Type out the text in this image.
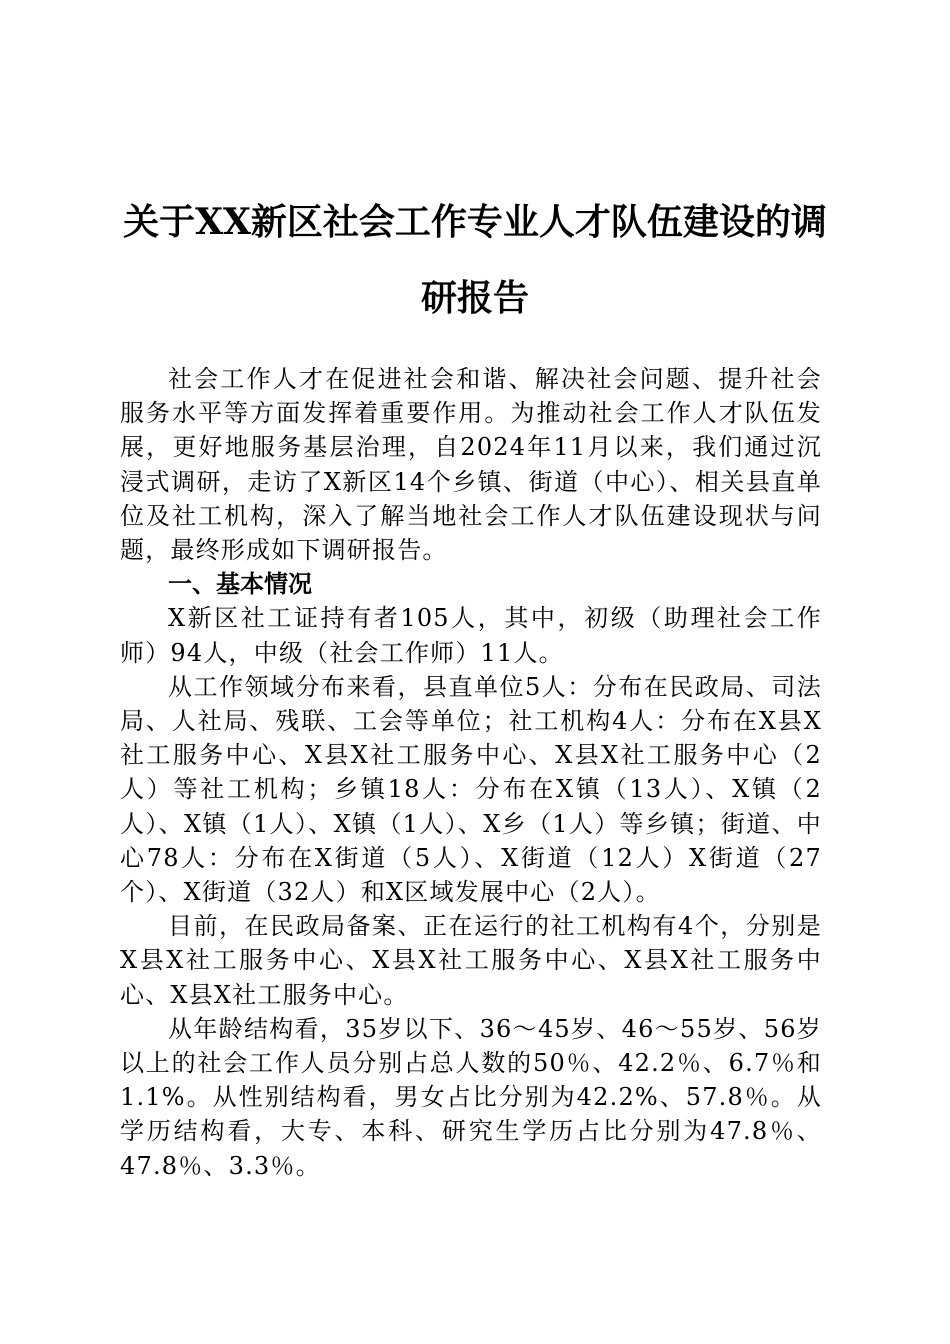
关于XX新区社会工作专业人才队伍建设的调研报告

社会工作人才在促进社会和谐、解决社会问题、提升社会服务水平等方面发挥着重要作用。为推动社会工作人才队伍发展，更好地服务基层治理，自2024年11月以来，我们通过沉浸式调研，走访了X新区14个乡镇、街道（中心）、相关县直单位及社工机构，深入了解当地社会工作人才队伍建设现状与问题，最终形成如下调研报告。

一、基本情况

X新区社工证持有者105人，其中，初级（助理社会工作师）94人，中级（社会工作师）11人。

从工作领域分布来看，县直单位5人：分布在民政局、司法局、人社局、残联、工会等单位；社工机构4人：分布在X县X社工服务中心、X县X社工服务中心、X县X社工服务中心（2人）等社工机构；乡镇18人：分布在X镇（13人）、X镇（2人）、X镇（1人）、X镇（1人）、X乡（1人）等乡镇；街道、中心78人：分布在X街道（5人）、X街道（12人）X街道（27个）、X街道（32人）和X区域发展中心（2人）。

目前，在民政局备案、正在运行的社工机构有4个，分别是X县X社工服务中心、X县X社工服务中心、X县X社工服务中心、X县X社工服务中心。

从年龄结构看，35岁以下、36～45岁、46～55岁、56岁以上的社会工作人员分别占总人数的50％、42.2％、6.7％和1.1%。从性别结构看，男女占比分别为42.2%、57.8％。从学历结构看，大专、本科、研究生学历占比分别为47.8％、47.8％、3.3％。
